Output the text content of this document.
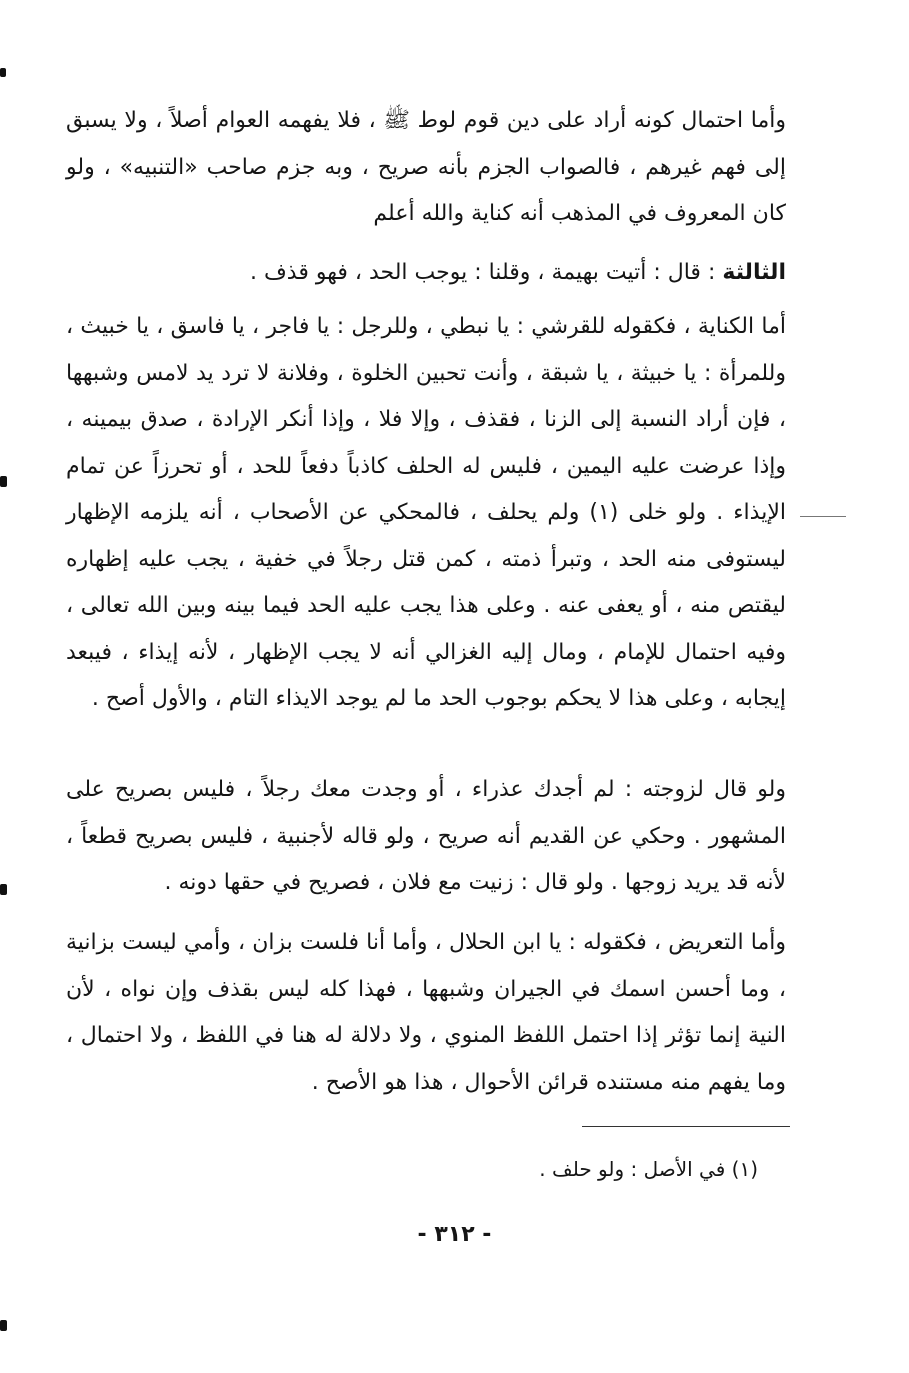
وأما احتمال كونه أراد على دين قوم لوط ﷺ ، فلا يفهمه العوام أصلاً ، ولا يسبق إلى فهم غيرهم ، فالصواب الجزم بأنه صريح ، وبه جزم صاحب «التنبيه» ، ولو كان المعروف في المذهب أنه كناية والله أعلم

الثالثة : قال : أتيت بهيمة ، وقلنا : يوجب الحد ، فهو قذف .

أما الكناية ، فكقوله للقرشي : يا نبطي ، وللرجل : يا فاجر ، يا فاسق ، يا خبيث ، وللمرأة : يا خبيثة ، يا شبقة ، وأنت تحبين الخلوة ، وفلانة لا ترد يد لامس وشبهها ، فإن أراد النسبة إلى الزنا ، فقذف ، وإلا فلا ، وإذا أنكر الإرادة ، صدق بيمينه ، وإذا عرضت عليه اليمين ، فليس له الحلف كاذباً دفعاً للحد ، أو تحرزاً عن تمام الإيذاء . ولو خلى (١) ولم يحلف ، فالمحكي عن الأصحاب ، أنه يلزمه الإظهار ليستوفى منه الحد ، وتبرأ ذمته ، كمن قتل رجلاً في خفية ، يجب عليه إظهاره ليقتص منه ، أو يعفى عنه . وعلى هذا يجب عليه الحد فيما بينه وبين الله تعالى ، وفيه احتمال للإمام ، ومال إليه الغزالي أنه لا يجب الإظهار ، لأنه إيذاء ، فيبعد إيجابه ، وعلى هذا لا يحكم بوجوب الحد ما لم يوجد الايذاء التام ، والأول أصح .

ولو قال لزوجته : لم أجدك عذراء ، أو وجدت معك رجلاً ، فليس بصريح على المشهور . وحكي عن القديم أنه صريح ، ولو قاله لأجنبية ، فليس بصريح قطعاً ، لأنه قد يريد زوجها . ولو قال : زنيت مع فلان ، فصريح في حقها دونه .

وأما التعريض ، فكقوله : يا ابن الحلال ، وأما أنا فلست بزان ، وأمي ليست بزانية ، وما أحسن اسمك في الجيران وشبهها ، فهذا كله ليس بقذف وإن نواه ، لأن النية إنما تؤثر إذا احتمل اللفظ المنوي ، ولا دلالة له هنا في اللفظ ، ولا احتمال ، وما يفهم منه مستنده قرائن الأحوال ، هذا هو الأصح .

(١) في الأصل : ولو حلف .
- ٣١٢ -
